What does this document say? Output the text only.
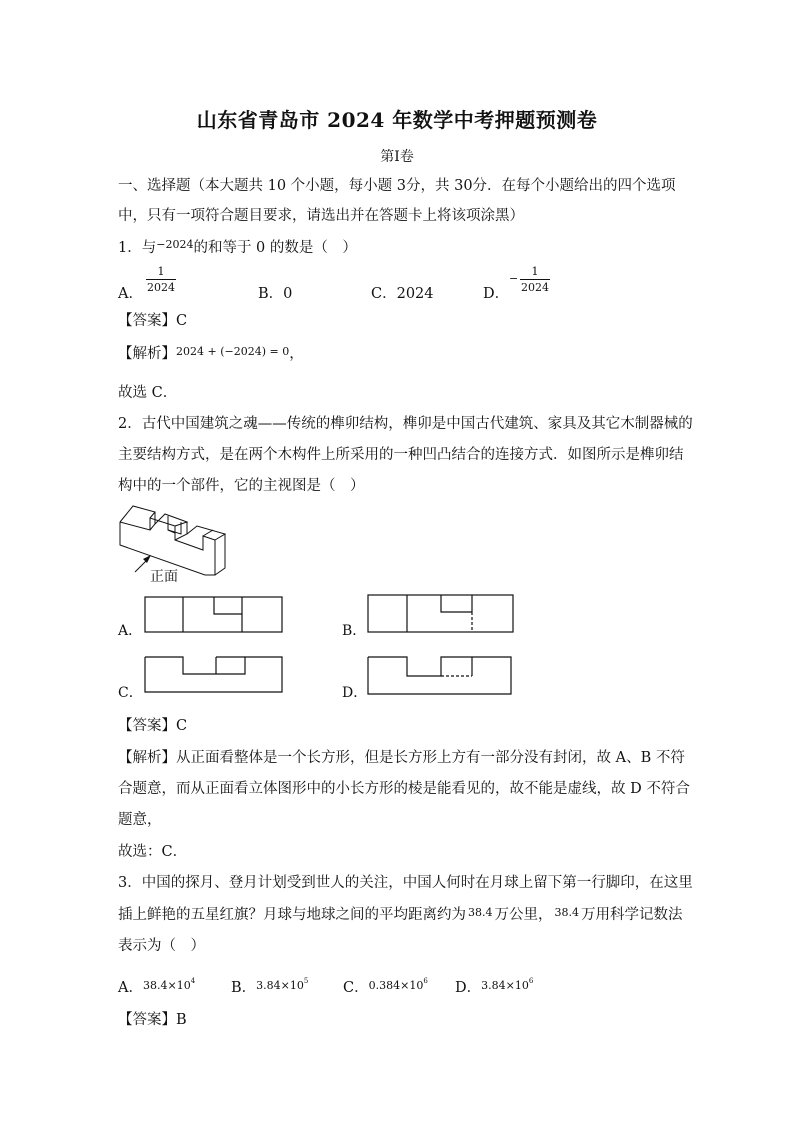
山东省青岛市 2024 年数学中考押题预测卷
第Ⅰ卷
一、选择题（本大题共 10 个小题，每小题 3分，共 30分．在每个小题给出的四个选项
中，只有一项符合题目要求，请选出并在答题卡上将该项涂黑）
1．与$^{-2024}$的和等于 0 的数是（　）
A．
1
2024	B．0	C．2024	D．
−
1
2024
【答案】C
【解析】$^{2024 + (-2024) = 0}$，
故选 C．
2．古代中国建筑之魂——传统的榫卯结构，榫卯是中国古代建筑、家具及其它木制器械的
主要结构方式，是在两个木构件上所采用的一种凹凸结合的连接方式．如图所示是榫卯结
构中的一个部件，它的主视图是（　）
正面
A．	B．
C．	D．
【答案】C
【解析】从正面看整体是一个长方形，但是长方形上方有一部分没有封闭，故 A、B 不符
合题意，而从正面看立体图形中的小长方形的棱是能看见的，故不能是虚线，故 D 不符合
题意，
故选：C．
3．中国的探月、登月计划受到世人的关注，中国人何时在月球上留下第一行脚印，在这里
插上鲜艳的五星红旗？月球与地球之间的平均距离约为 $^{38.4}$ 万公里， $^{38.4}$ 万用科学记数法
表示为（　）
A．$^{38.4\times 104}$ B．$^{3.84\times 105}$ C．$^{0.384\times 106}$ D．$^{3.84\times 106}$
【答案】B
